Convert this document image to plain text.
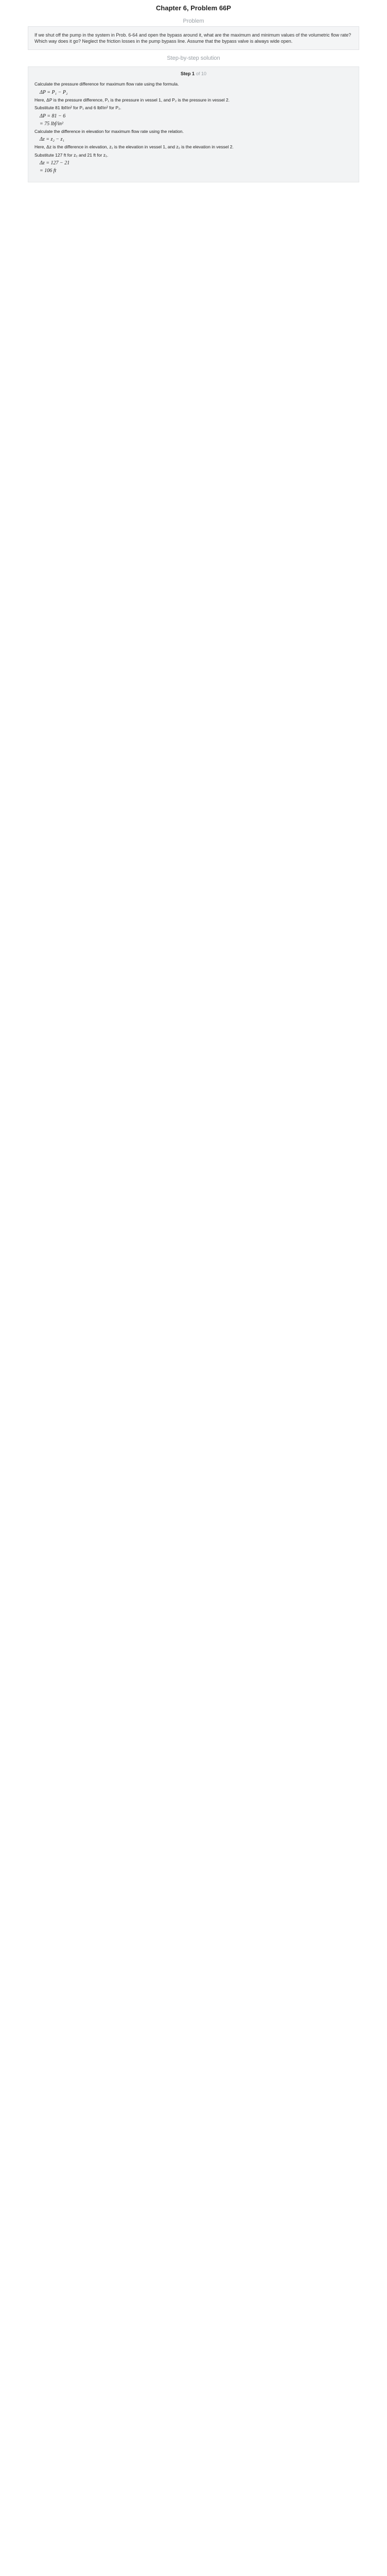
Chapter 6, Problem 66P
Problem
If we shut off the pump in the system in Prob. 6-64 and open the bypass around it, what are the maximum and minimum values of the volumetric flow rate? Which way does it go? Neglect the friction losses in the pump bypass line. Assume that the bypass valve is always wide open.
Step-by-step solution
Step 1 of 10
Calculate the pressure difference for maximum flow rate using the formula.
ΔP = P₁ − P₂
Here, ΔP is the pressure difference, P₁ is the pressure in vessel 1, and P₂ is the pressure in vessel 2.
Substitute 81 lbf/in² for P₁ and 6 lbf/in² for P₂.
ΔP = 81 − 6
= 75 lbf/in²
Calculate the difference in elevation for maximum flow rate using the relation.
Δz = z₂ − z₁
Here, Δz is the difference in elevation, z₁ is the elevation in vessel 1, and z₂ is the elevation in vessel 2.
Substitute 127 ft for z₂ and 21 ft for z₁.
Δz = 127 − 21
= 106 ft
